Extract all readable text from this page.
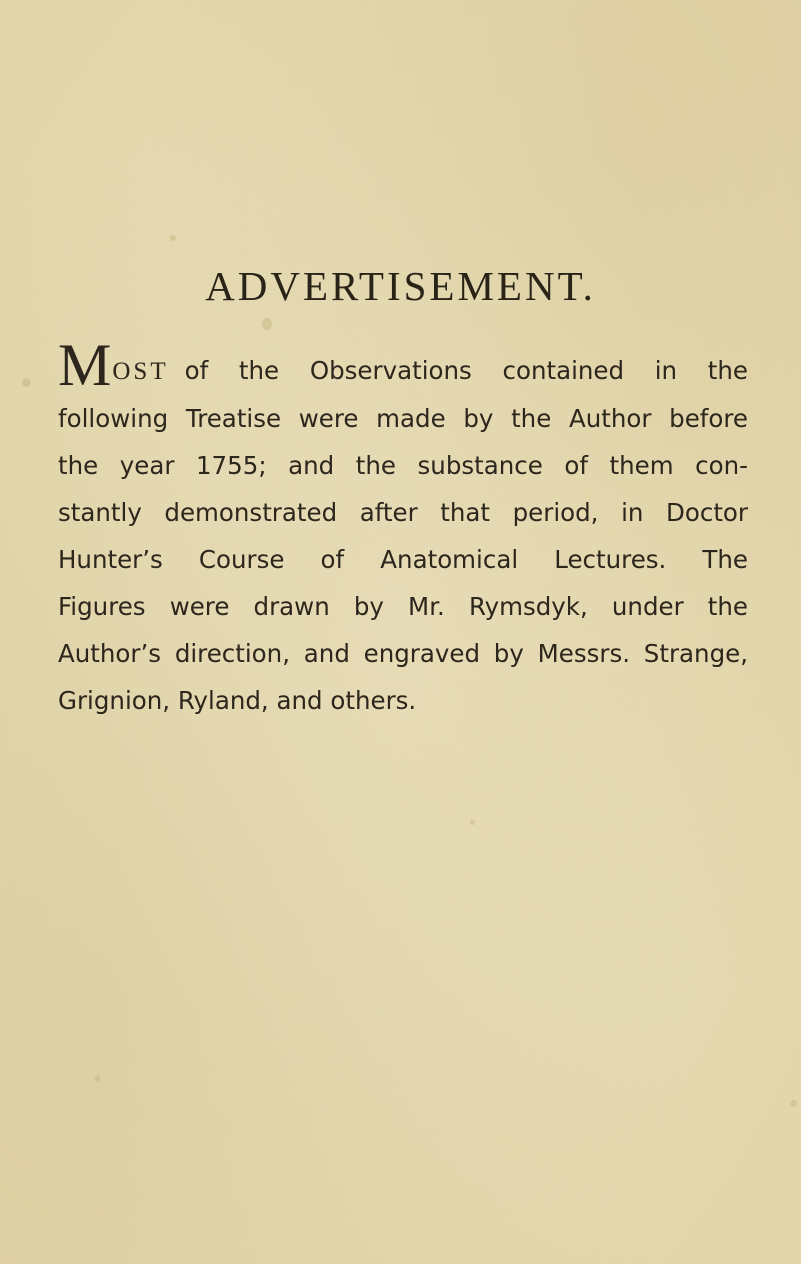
ADVERTISEMENT.
MOST of the Observations contained in the
following Treatise were made by the Author before
the year 1755; and the substance of them con-
stantly demonstrated after that period, in Doctor
Hunter’s Course of Anatomical Lectures. The
Figures were drawn by Mr. Rymsdyk, under the
Author’s direction, and engraved by Messrs. Strange,
Grignion, Ryland, and others.
